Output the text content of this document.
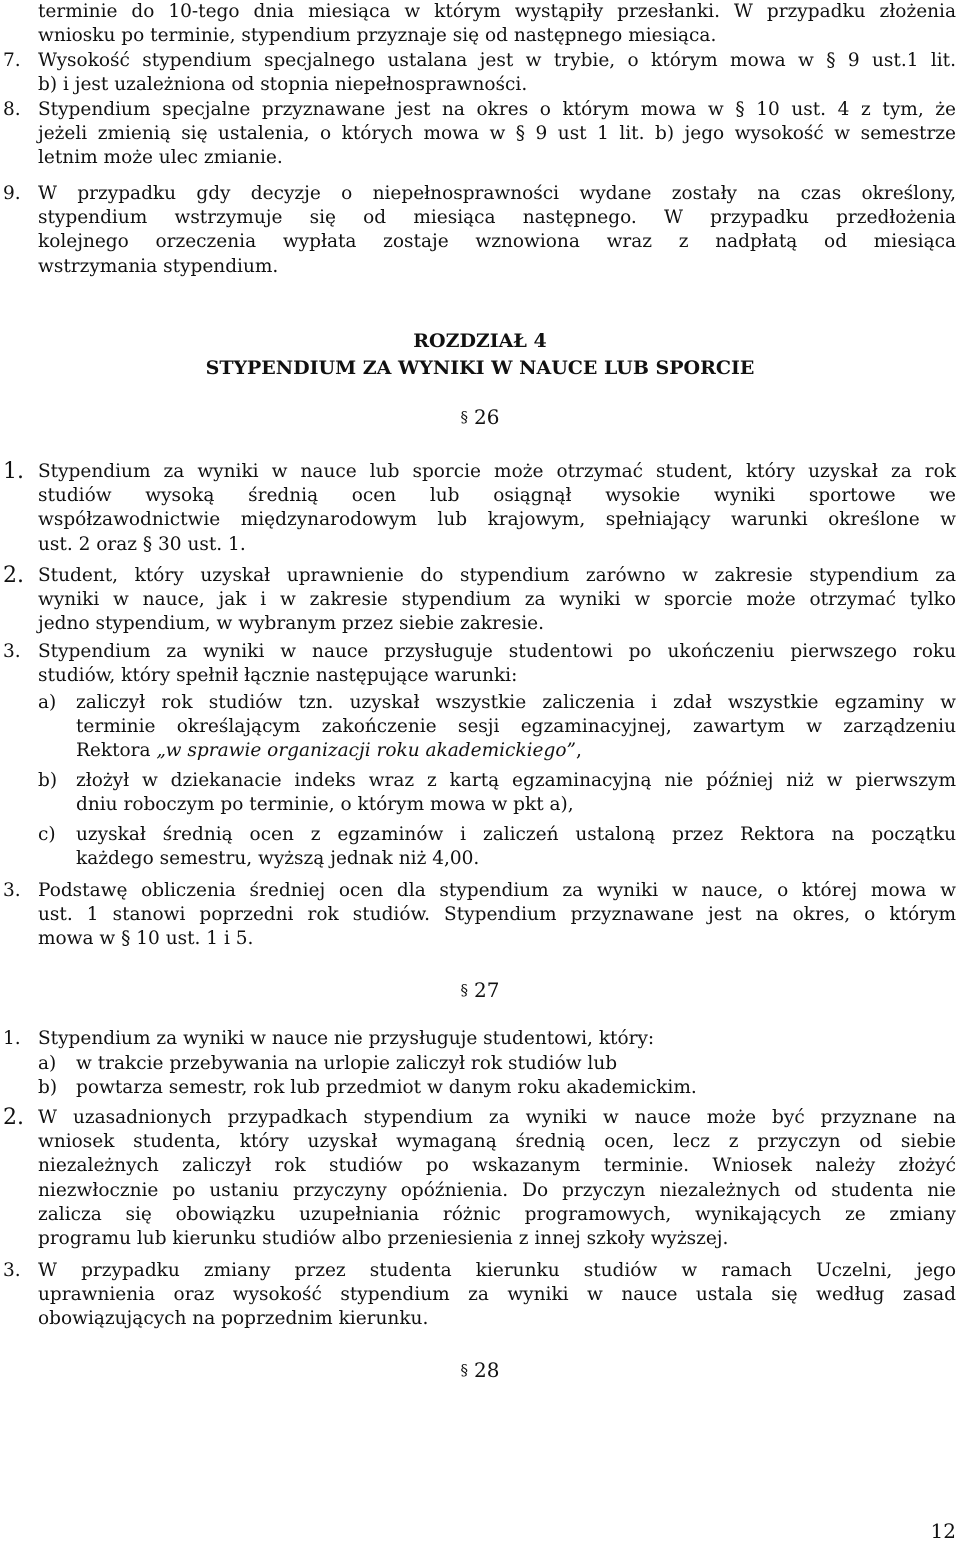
terminie do 10-tego dnia miesiąca w którym wystąpiły przesłanki. W przypadku złożenia
wniosku po terminie, stypendium przyznaje się od następnego miesiąca.
7. Wysokość stypendium specjalnego ustalana jest w trybie, o którym mowa w § 9 ust.1 lit.
b) i jest uzależniona od stopnia niepełnosprawności.
8. Stypendium specjalne przyznawane jest na okres o którym mowa w § 10 ust. 4 z tym, że
jeżeli zmienią się ustalenia, o których mowa w § 9 ust 1 lit. b) jego wysokość w semestrze
letnim może ulec zmianie.
9. W przypadku gdy decyzje o niepełnosprawności wydane zostały na czas określony,
stypendium wstrzymuje się od miesiąca następnego. W przypadku przedłożenia
kolejnego orzeczenia wypłata zostaje wznowiona wraz z nadpłatą od miesiąca
wstrzymania stypendium.
ROZDZIAŁ 4
STYPENDIUM ZA WYNIKI W NAUCE LUB SPORCIE
§ 26
1. Stypendium za wyniki w nauce lub sporcie może otrzymać student, który uzyskał za rok
studiów wysoką średnią ocen lub osiągnął wysokie wyniki sportowe we
współzawodnictwie międzynarodowym lub krajowym, spełniający warunki określone w
ust. 2 oraz § 30 ust. 1.
2. Student, który uzyskał uprawnienie do stypendium zarówno w zakresie stypendium za
wyniki w nauce, jak i w zakresie stypendium za wyniki w sporcie może otrzymać tylko
jedno stypendium, w wybranym przez siebie zakresie.
3. Stypendium za wyniki w nauce przysługuje studentowi po ukończeniu pierwszego roku
studiów, który spełnił łącznie następujące warunki:
a) zaliczył rok studiów tzn. uzyskał wszystkie zaliczenia i zdał wszystkie egzaminy w
terminie określającym zakończenie sesji egzaminacyjnej, zawartym w zarządzeniu
Rektora „w sprawie organizacji roku akademickiego”,
b) złożył w dziekanacie indeks wraz z kartą egzaminacyjną nie później niż w pierwszym
dniu roboczym po terminie, o którym mowa w pkt a),
c) uzyskał średnią ocen z egzaminów i zaliczeń ustaloną przez Rektora na początku
każdego semestru, wyższą jednak niż 4,00.
3. Podstawę obliczenia średniej ocen dla stypendium za wyniki w nauce, o której mowa w
ust. 1 stanowi poprzedni rok studiów. Stypendium przyznawane jest na okres, o którym
mowa w § 10 ust. 1 i 5.
§ 27
1. Stypendium za wyniki w nauce nie przysługuje studentowi, który:
a) w trakcie przebywania na urlopie zaliczył rok studiów lub
b) powtarza semestr, rok lub przedmiot w danym roku akademickim.
2. W uzasadnionych przypadkach stypendium za wyniki w nauce może być przyznane na
wniosek studenta, który uzyskał wymaganą średnią ocen, lecz z przyczyn od siebie
niezależnych zaliczył rok studiów po wskazanym terminie. Wniosek należy złożyć
niezwłocznie po ustaniu przyczyny opóźnienia. Do przyczyn niezależnych od studenta nie
zalicza się obowiązku uzupełniania różnic programowych, wynikających ze zmiany
programu lub kierunku studiów albo przeniesienia z innej szkoły wyższej.
3. W przypadku zmiany przez studenta kierunku studiów w ramach Uczelni, jego
uprawnienia oraz wysokość stypendium za wyniki w nauce ustala się według zasad
obowiązujących na poprzednim kierunku.
§ 28
12
